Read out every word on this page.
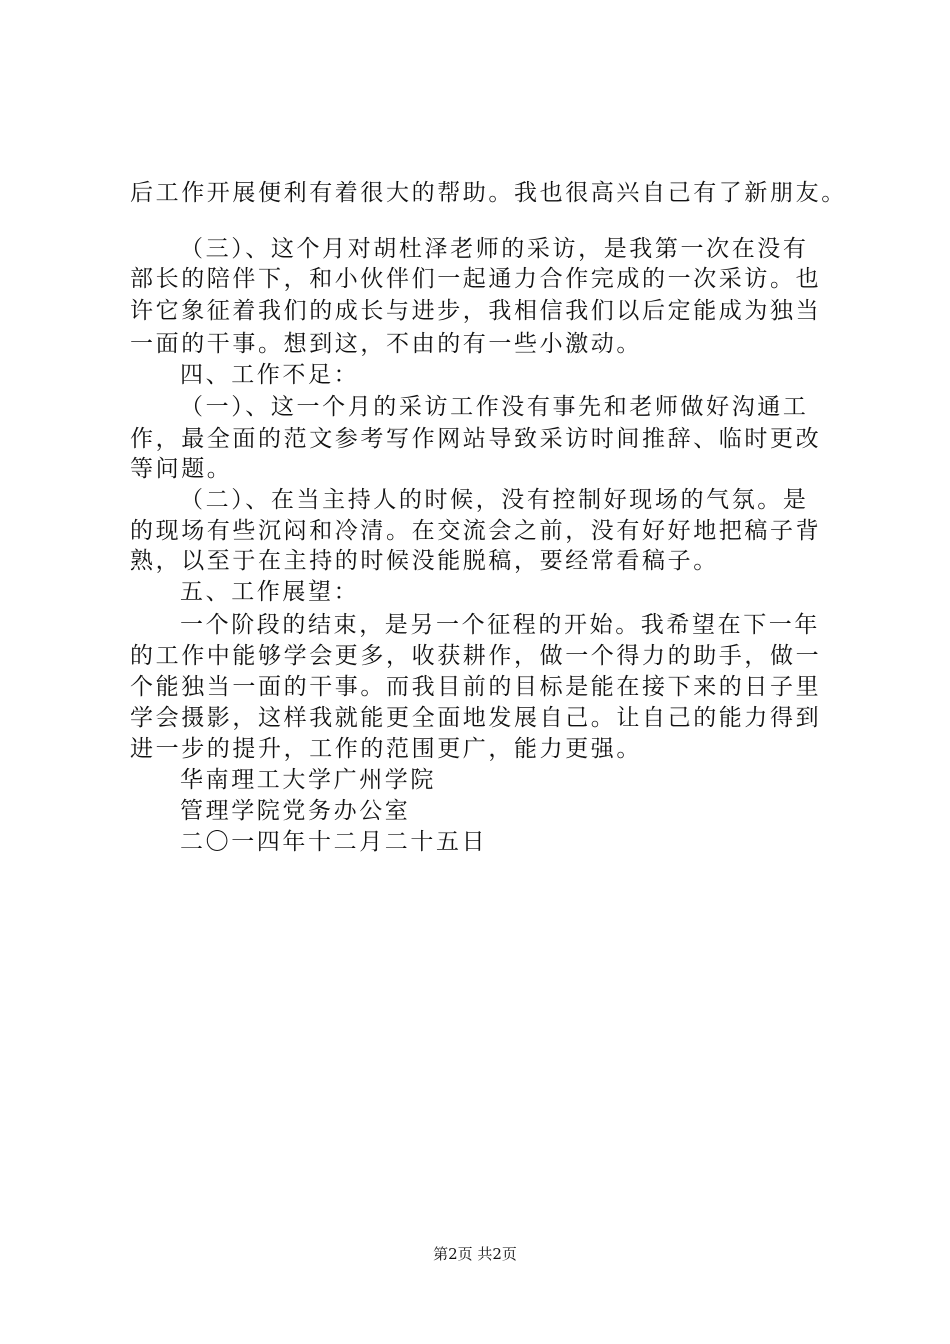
后工作开展便利有着很大的帮助。我也很高兴自己有了新朋友。
（三）、这个月对胡杜泽老师的采访，是我第一次在没有
部长的陪伴下，和小伙伴们一起通力合作完成的一次采访。也
许它象征着我们的成长与进步，我相信我们以后定能成为独当
一面的干事。想到这，不由的有一些小激动。
四、工作不足：
（一）、这一个月的采访工作没有事先和老师做好沟通工
作，最全面的范文参考写作网站导致采访时间推辞、临时更改
等问题。
（二）、在当主持人的时候，没有控制好现场的气氛。是
的现场有些沉闷和冷清。在交流会之前，没有好好地把稿子背
熟，以至于在主持的时候没能脱稿，要经常看稿子。
五、工作展望：
一个阶段的结束，是另一个征程的开始。我希望在下一年
的工作中能够学会更多，收获耕作，做一个得力的助手，做一
个能独当一面的干事。而我目前的目标是能在接下来的日子里
学会摄影，这样我就能更全面地发展自己。让自己的能力得到
进一步的提升，工作的范围更广，能力更强。
华南理工大学广州学院
管理学院党务办公室
二〇一四年十二月二十五日
第2页 共2页
